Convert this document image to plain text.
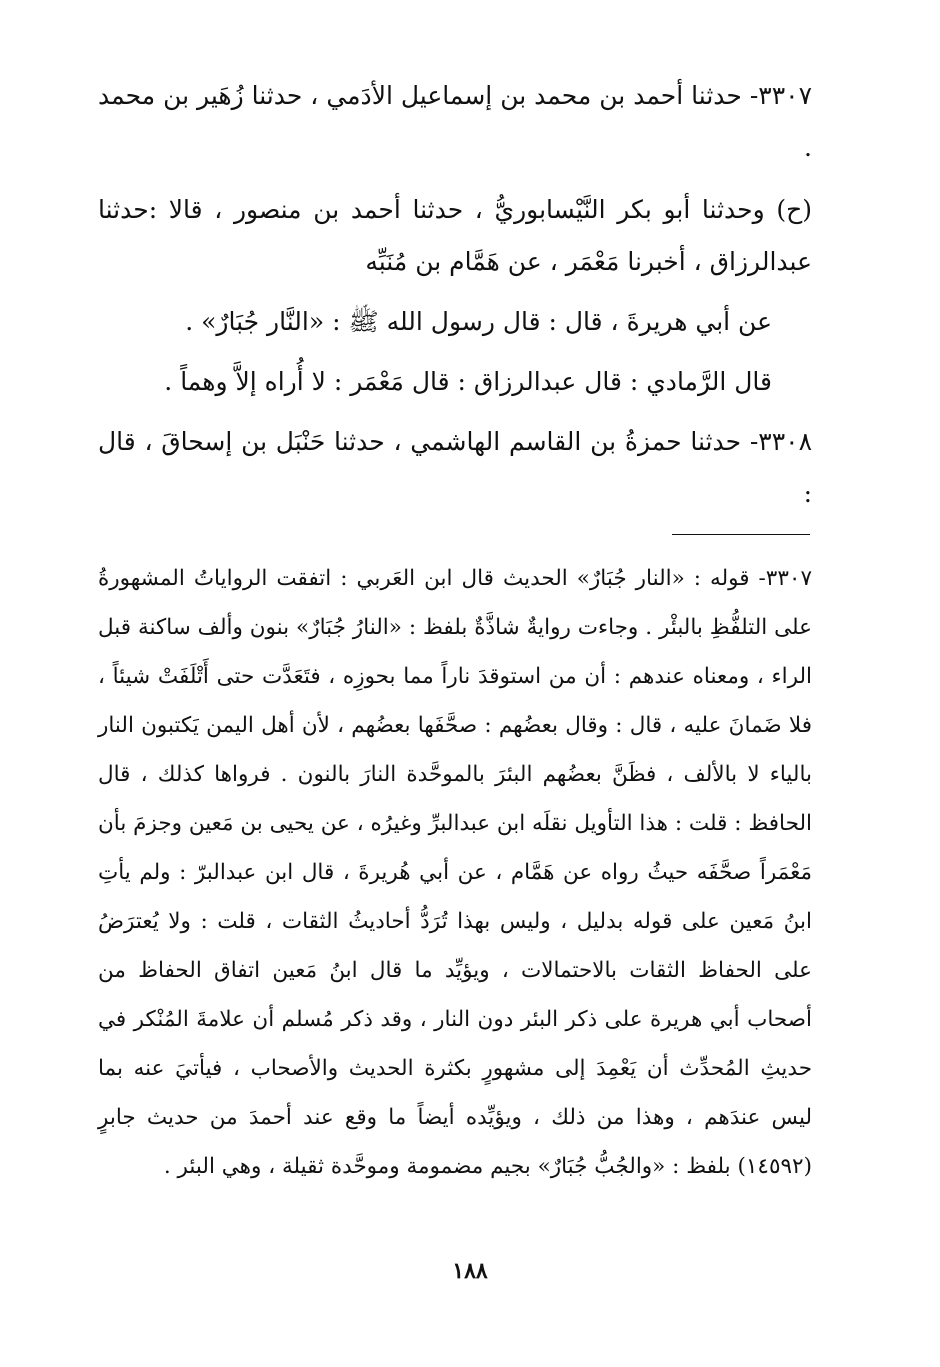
٣٣٠٧- حدثنا أحمد بن محمد بن إسماعيل الأدَمي ، حدثنا زُهَير بن محمد .

(ح) وحدثنا أبو بكر النَّيْسابوريُّ ، حدثنا أحمد بن منصور ، قالا :حدثنا عبدالرزاق ، أخبرنا مَعْمَر ، عن هَمَّام بن مُنَبِّه

عن أبي هريرةَ ، قال : قال رسول الله ﷺ : «النَّار جُبَارٌ» .

قال الرَّمادي : قال عبدالرزاق : قال مَعْمَر : لا أُراه إلاَّ وهماً .

٣٣٠٨- حدثنا حمزةُ بن القاسم الهاشمي ، حدثنا حَنْبَل بن إسحاقَ ، قال :

٣٣٠٧- قوله : «النار جُبَارٌ» الحديث قال ابن العَربي : اتفقت الرواياتُ المشهورةُ على التلفُّظِ بالبئْر . وجاءت روايةٌ شاذَّةٌ بلفظ : «النارُ جُبَارٌ» بنون وألف ساكنة قبل الراء ، ومعناه عندهم : أن من استوقدَ ناراً مما بحوزِه ، فتَعَدَّت حتى أَتْلَفَتْ شيئاً ، فلا ضَمانَ عليه ، قال : وقال بعضُهم : صحَّفَها بعضُهم ، لأن أهل اليمن يَكتبون النار بالياء لا بالألف ، فظَنَّ بعضُهم البئرَ بالموحَّدة النارَ بالنون . فرواها كذلك ، قال الحافظ : قلت : هذا التأويل نقلَه ابن عبدالبرِّ وغيرُه ، عن يحيى بن مَعين وجزمَ بأن مَعْمَراً صحَّفَه حيثُ رواه عن هَمَّام ، عن أبي هُريرةَ ، قال ابن عبدالبرّ : ولم يأتِ ابنُ مَعين على قوله بدليل ، وليس بهذا تُرَدُّ أحاديثُ الثقات ، قلت : ولا يُعترَضُ على الحفاظ الثقات بالاحتمالات ، ويؤيِّد ما قال ابنُ مَعين اتفاق الحفاظ من أصحاب أبي هريرة على ذكر البئر دون النار ، وقد ذكر مُسلم أن علامةَ المُنْكر في حديثِ المُحدِّث أن يَعْمِدَ إلى مشهورٍ بكثرة الحديث والأصحاب ، فيأتيَ عنه بما ليس عندَهم ، وهذا من ذلك ، ويؤيِّده أيضاً ما وقع عند أحمدَ من حديث جابرٍ (١٤٥٩٢) بلفظ : «والجُبُّ جُبَارٌ» بجيم مضمومة وموحَّدة ثقيلة ، وهي البئر .

١٨٨
